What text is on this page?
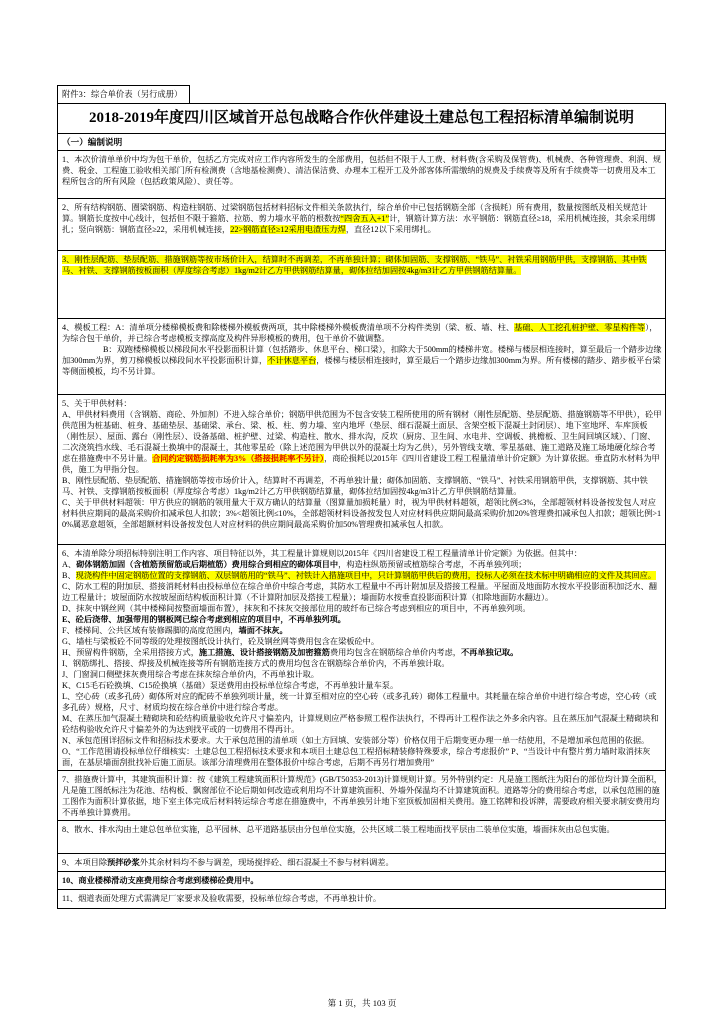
附件3：综合单价表（另行成册）
2018-2019年度四川区域首开总包战略合作伙伴建设土建总包工程招标清单编制说明
（一）编制说明
1、本次价清单单价中均为包干单价，包括乙方完成对应工作内容所发生的全部费用，包括但不限于人工费、材料费(含采购及保管费)、机械费、各种管理费、利润、规费、税金、工程施工验收相关部门所有检测费（含地基检测费）、清洁保洁费、办理本工程开工及外部客体所需缴纳的规费及手续费等及所有手续费等一切费用及本工程所包含的所有风险（包括政策风险）、责任等。
2、所有结构钢筋、圈梁钢筋、构造柱钢筋、过梁钢筋包括材料招标文件相关条款执行，综合单价中已包括钢筋全部（含损耗）所有费用，数量按图纸及相关规范计算。钢筋长度按中心线计，包括但不限于箍筋、拉筋、剪力墙水平筋的根数按“四舍五入+1”计，钢筋计算方法：水平钢筋：钢筋直径≥18，采用机械连接，其余采用绑扎；竖向钢筋：钢筋直径≥22，采用机械连接，22>钢筋直径≥12采用电渣压力焊，直径12以下采用绑扎。
3、刚性层配筋、垫层配筋、措施钢筋等按市场价计入，结算时不再调差，不再单独计算；砌体加固筋、支撑钢筋、“铁马”、衬铁采用钢筋甲供，支撑钢筋、其中铁马、衬铁、支撑钢筋按板面积（厚度综合考虑）1kg/m2计乙方甲供钢筋结算量，砌体拉结加固按4kg/m3计乙方甲供钢筋结算量。
4、模板工程：A：清单项分楼梯模板费和除楼梯外模板费两项，其中除楼梯外模板费清单项不分构件类别（梁、板、墙、柱、基础、人工挖孔桩护壁、零星构件等），为综合包干单价，并已综合考虑模板支撑高度及构件异形模板的费用，包干单价不做调整。
　　　　　B：双跑楼梯模板以梯段间水平投影面积计算（包括踏步、休息平台、梯口梁），扣除大于500mm的楼梯井宽。楼梯与楼层相连接时，算至最后一个踏步边缘加300mm为界，剪刀梯模板以梯段间水平投影面积计算，不计休息平台，楼梯与楼层相连接时，算至最后一个踏步边缘加300mm为界。所有楼梯的踏步、踏步板平台梁等侧面模板，均不另计算。
5、关于甲供材料：
A、甲供材料费用（含钢筋、商砼、外加剂）不进入综合单价；钢筋甲供范围为不包含安装工程所使用的所有钢材（刚性层配筋、垫层配筋、措施钢筋等不甲供），砼甲供范围为桩基础、桩身、基础垫层、基础梁、承台、梁、板、柱、剪力墙、室内地坪（垫层、细石混凝土面层、含架空板下混凝土封闭层）、地下室地坪、车库顶板（刚性层）、屋面、露台（刚性层）、设备基础、桩护壁、过梁、构造柱、散水、排水沟，反坎（厨房、卫生间、水电井、空调板、挑檐板、卫生间回填区域）、门窗、二次浇筑挡水线、毛石混凝土换填中的混凝土，其他零星砼（除上述范围为甲供以外的混凝土均为乙供），另外管线支墩、零星基础、施工道路及施工场地硬化综合考虑在措施费中不另计量。合同约定钢筋损耗率为3%（搭接损耗率不另计），商砼损耗以2015年《四川省建设工程工程量清单计价定额》为计算依据。垂直防水材料为甲供，施工为甲指分包。
B、刚性层配筋、垫层配筋、措施钢筋等按市场价计入，结算时不再调差，不再单独计量；砌体加固筋、支撑钢筋、“铁马”、衬铁采用钢筋甲供，支撑钢筋、其中铁马、衬铁、支撑钢筋按板面积（厚度综合考虑）1kg/m2计乙方甲供钢筋结算量，砌体拉结加固按4kg/m3计乙方甲供钢筋结算量。
C、关于甲供材料超领：甲方供应的钢筋的领用量大于双方确认的结算量（图算量加损耗量）时，视为甲供材料超领，超领比例≤3%，全部超领材料设备按发包人对应材料供应期间的最高采购价扣减承包人扣款；3%<超领比例≤10%，全部超领材料设备按发包人对应材料供应期间最高采购价加20%管理费扣减承包人扣款；超领比例>10%属恶意超领，全部超额材料设备按发包人对应材料的供应期间最高采购价加50%管理费扣减承包人扣款。
6、本清单除分项招标特别注明工作内容、项目特征以外，其工程量计算规则以2015年《四川省建设工程工程量清单计价定额》为依据。但其中：
A、砌体钢筋加固（含植筋预留筋或后期植筋）费用综合到相应的砌体项目中，构造柱纵筋预留或植筋综合考虑，不再单独列项；
B、现浇构件中固定钢筋位置的支撑钢筋、双层钢筋用的“铁马”、衬铁计入措施项目中，只计算钢筋甲供后的费用，投标人必须在技术标中明确相应的文件及其回应。
C、防水工程的附加层、搭接消耗材料由投标单位在综合单价中综合考虑，其防水工程量中不再计附加层及搭接工程量。平屋面及地面防水按水平投影面积加泛水、翻边工程量计；坡屋面防水按坡屋面结构板面积计算（不计算附加层及搭接工程量）；墙面防水按垂直投影面积计算（扣除地面防水翻边）。
D、抹灰中钢丝网（其中楼梯间按整面墙面布置），抹灰和不抹灰交接部位用的玻纤布已综合考虑到相应的项目中，不再单独列项。
E、砼后浇带、加强带用的钢板网已综合考虑到相应的项目中，不再单独列项。
F、楼梯间、公共区域有装修踢脚的高度范围内，墙面不抹灰。
G、墙柱与梁板砼不同等级的处理按图纸设计执行，砼及钢丝网等费用包含在梁板砼中。
H、预留构件钢筋，全采用搭接方式，施工措施、设计搭接钢筋及加密箍筋费用均包含在钢筋综合单价内考虑，不再单独记取。
I、钢筋绑扎、搭接、焊接及机械连接等所有钢筋连接方式的费用均包含在钢筋综合单价内，不再单独计取。
J、门窗洞口侧壁抹灰费用综合考虑在抹灰综合单价内，不再单独计取。
K、C15毛石砼换填、C15砼换填（基础）泵送费用由投标单位综合考虑，不再单独计量车泵。
L、空心砖（或多孔砖）砌体所对应的配砖不单独列项计量，统一计算至相对应的空心砖（或多孔砖）砌体工程量中。其耗量在综合单价中进行综合考虑，空心砖（或多孔砖）规格，尺寸、材质均按在综合单价中进行综合考虑。
M、在蒸压加气混凝土精砌块和砼结构质量验收允许尺寸偏差内，计算规则应严格参照工程作法执行，不得再计工程作法之外多余内容。且在蒸压加气混凝土精砌块和砼结构验收允许尺寸偏差外的为达到找平或的一切费用不得再计。
N、承包范围详招标文件和招标技术要求。大于承包范围的清单项（如土方回填、安装部分等）价格仅用于后期变更办理一单一结使用，不是增加承包范围的依据。 O、“工作范围请投标单位仔细核实：土建总包工程招标技术要求和本项目土建总包工程招标精装修特殊要求，综合考虑报价” P、“当设计中有整片剪力墙时取消抹灰面，在基层墙面刮批找补后施工面层。该部分清理费用在整体报价中综合考虑，后期不再另行增加费用”
7、措施费计算中，其建筑面积计算：按《建筑工程建筑面积计算规范》(GB/T50353-2013)计算规则计算。另外特别约定：凡是施工图纸注为阳台的部位均计算全面积，凡是施工图纸标注为花池、结构板、飘窗部位不论后期如何改造或利用均不计算建筑面积、外墙外保温均不计算建筑面积。道路等分的费用综合考虑，以承包范围的施工图作为面积计算依据，地下室主体完成后材料转运综合考虑在措施费中，不再单独另计地下室顶板加固相关费用。施工铭牌和投诉牌，需要政府相关要求制安费用均不再单独计算费用。
8、散水、排水沟由土建总包单位实施，总平园林、总平道路基层由分包单位实施，公共区域二装工程地面找平层由二装单位实施，墙面抹灰由总包实施。
9、本项目除预拌砂浆外其余材料均不参与调差，现场搅拌砼、细石混凝土不参与材料调差。
10、商业楼梯滑动支座费用综合考虑到楼梯砼费用中。
11、烟道表面处理方式需满足厂家要求及验收需要，投标单位综合考虑，不再单独计价。
第 1 页，共 103 页
